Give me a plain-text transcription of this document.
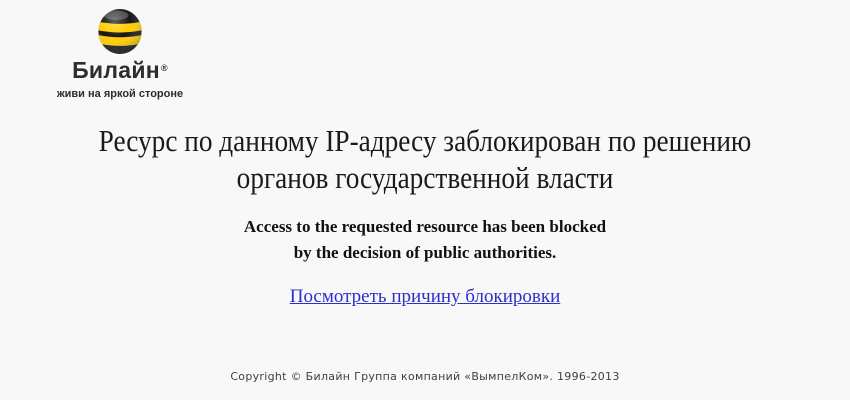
Билайн®
живи на яркой стороне
Ресурс по данному IP-адресу заблокирован по решению
органов государственной власти

Access to the requested resource has been blocked
by the decision of public authorities.

Посмотреть причину блокировки
Copyright © Билайн Группа компаний «ВымпелКом». 1996-2013
